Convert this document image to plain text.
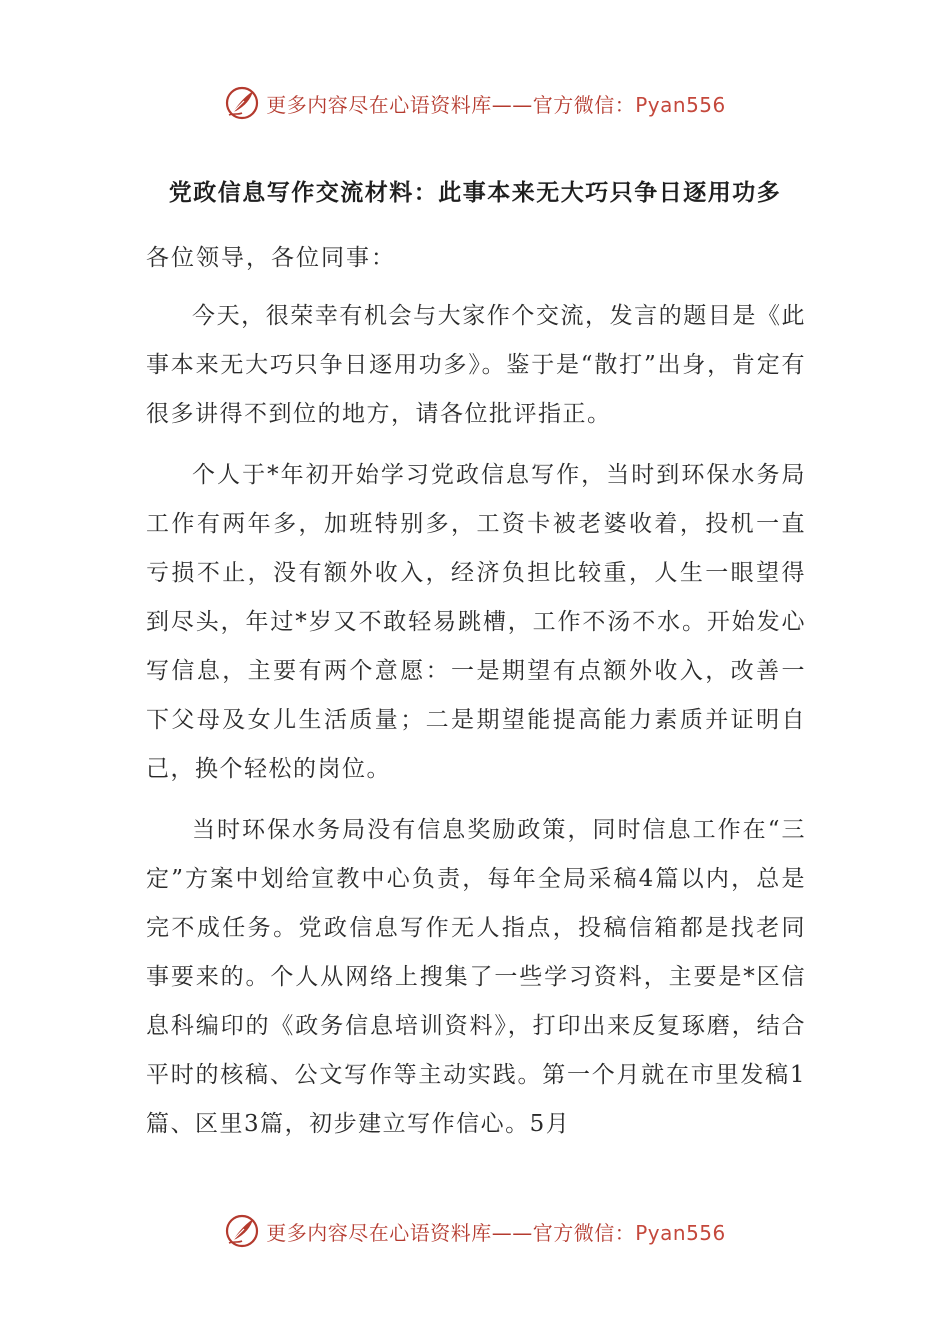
更多内容尽在心语资料库——官方微信：Pyan556
党政信息写作交流材料：此事本来无大巧只争日逐用功多

各位领导，各位同事：

今天，很荣幸有机会与大家作个交流，发言的题目是《此事本来无大巧只争日逐用功多》。鉴于是“散打”出身，肯定有很多讲得不到位的地方，请各位批评指正。

个人于*年初开始学习党政信息写作，当时到环保水务局工作有两年多，加班特别多，工资卡被老婆收着，投机一直亏损不止，没有额外收入，经济负担比较重，人生一眼望得到尽头，年过*岁又不敢轻易跳槽，工作不汤不水。开始发心写信息，主要有两个意愿：一是期望有点额外收入，改善一下父母及女儿生活质量；二是期望能提高能力素质并证明自己，换个轻松的岗位。

当时环保水务局没有信息奖励政策，同时信息工作在“三定”方案中划给宣教中心负责，每年全局采稿4篇以内，总是完不成任务。党政信息写作无人指点，投稿信箱都是找老同事要来的。个人从网络上搜集了一些学习资料，主要是*区信息科编印的《政务信息培训资料》，打印出来反复琢磨，结合平时的核稿、公文写作等主动实践。第一个月就在市里发稿1篇、区里3篇，初步建立写作信心。5月

更多内容尽在心语资料库——官方微信：Pyan556
